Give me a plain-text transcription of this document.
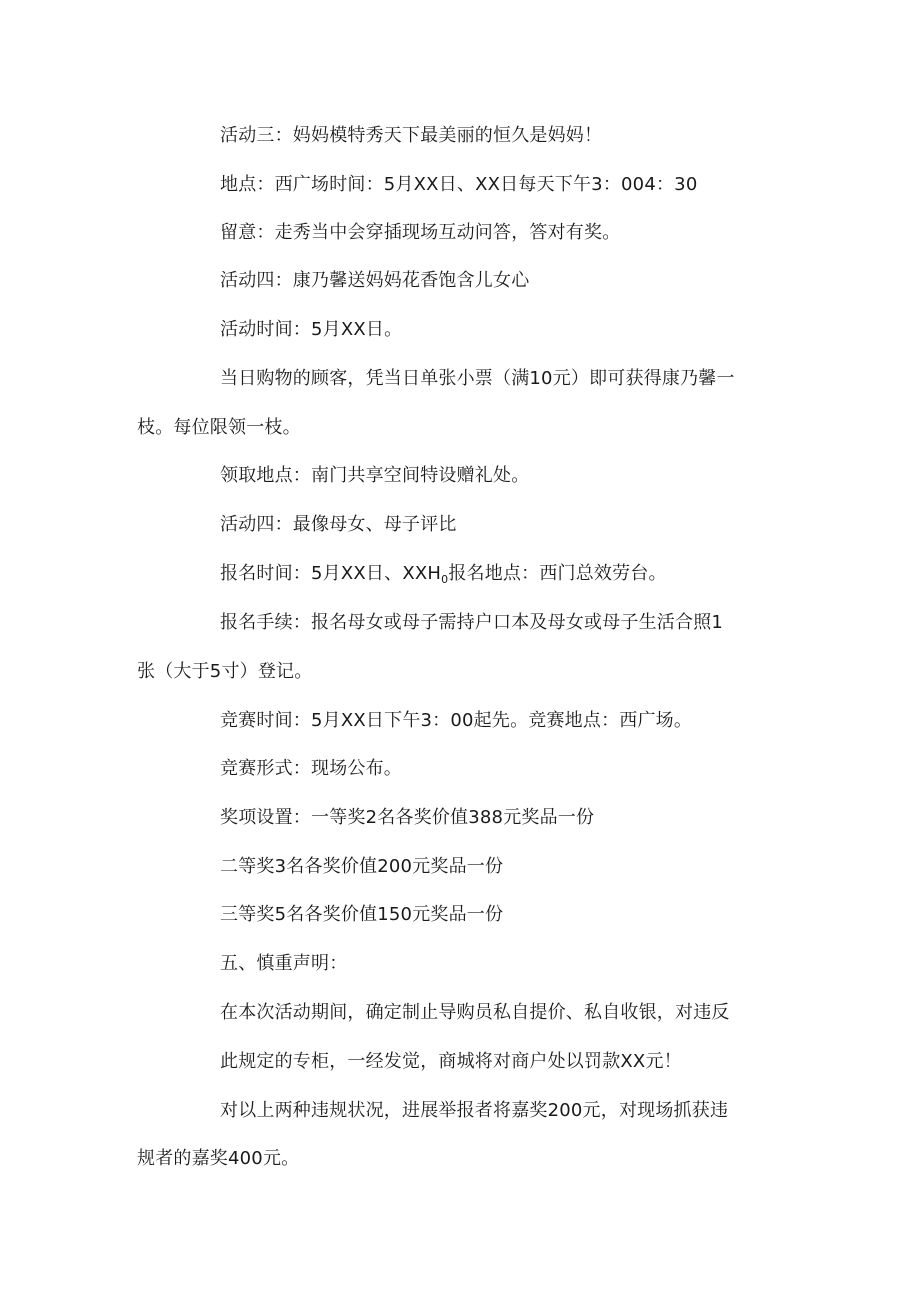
活动三：妈妈模特秀天下最美丽的恒久是妈妈！
地点：西广场时间：5月XX日、XX日每天下午3：004：30
留意：走秀当中会穿插现场互动问答，答对有奖。
活动四：康乃馨送妈妈花香饱含儿女心
活动时间：5月XX日。
当日购物的顾客，凭当日单张小票（满10元）即可获得康乃馨一
枝。每位限领一枝。
领取地点：南门共享空间特设赠礼处。
活动四：最像母女、母子评比
报名时间：5月XX日、$XXH_0$报名地点：西门总效劳台。
报名手续：报名母女或母子需持户口本及母女或母子生活合照1
张（大于5寸）登记。
竞赛时间：5月XX日下午3：00起先。竞赛地点：西广场。
竞赛形式：现场公布。
奖项设置：一等奖2名各奖价值388元奖品一份
二等奖3名各奖价值200元奖品一份
三等奖5名各奖价值150元奖品一份
五、慎重声明：
在本次活动期间，确定制止导购员私自提价、私自收银，对违反
此规定的专柜，一经发觉，商城将对商户处以罚款XX元！
对以上两种违规状况，进展举报者将嘉奖200元，对现场抓获违
规者的嘉奖400元。
